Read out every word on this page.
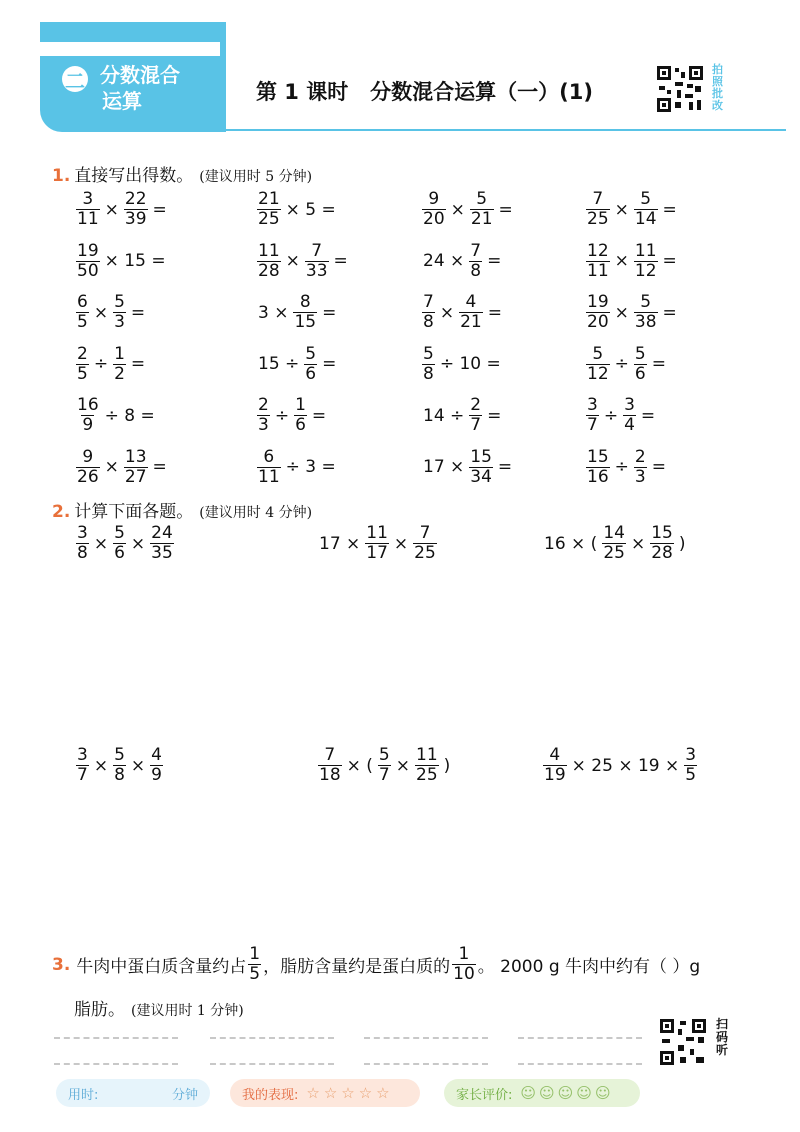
二 分数混合
运算	第 1 课时   分数混合运算（一）(1)
拍照批改
1. 直接写出得数。 (建议用时 5 分钟)
$\frac{3}{11} \times \frac{22}{39}$ =	$\frac{21}{25} \times 5$ =	$\frac{9}{20} \times \frac{5}{21}$ =	$\frac{7}{25} \times \frac{5}{14}$ =
$\frac{19}{50} \times 15$ =	$\frac{11}{28} \times \frac{7}{33}$ =	$24 \times \frac{7}{8}$ =	$\frac{12}{11} \times \frac{11}{12}$ =
$\frac{6}{5} \times \frac{5}{3}$ =	$3 \times \frac{8}{15}$ =	$\frac{7}{8} \times \frac{4}{21}$ =	$\frac{19}{20} \times \frac{5}{38}$ =
$\frac{2}{5} \div \frac{1}{2}$ =	$15 \div \frac{5}{6}$ =	$\frac{5}{8} \div 10$ =	$\frac{5}{12} \div \frac{5}{6}$ =
$\frac{16}{9} \div 8$ =	$\frac{2}{3} \div \frac{1}{6}$ =	$14 \div \frac{2}{7}$ =	$\frac{3}{7} \div \frac{3}{4}$ =
$\frac{9}{26} \times \frac{13}{27}$ =	$\frac{6}{11} \div 3$ =	$17 \times \frac{15}{34}$ =	$\frac{15}{16} \div \frac{2}{3}$ =
2. 计算下面各题。 (建议用时 4 分钟)
$\frac{3}{8} \times \frac{5}{6} \times \frac{24}{35}$	$17 \times \frac{11}{17} \times \frac{7}{25}$	16 × ( $\frac{14}{25} \times \frac{15}{28}$ )
$\frac{3}{7} \times \frac{5}{8} \times \frac{4}{9}$	$\frac{7}{18}$ × ( $\frac{5}{7} \times \frac{11}{25}$ )	$\frac{4}{19} \times 25 \times 19 \times \frac{3}{5}$
3. 牛肉中蛋白质含量约占 $\frac{1}{5}$ ，脂肪含量约是蛋白质的 $\frac{1}{10}$ 。 2000 g 牛肉中约有（ ）g
脂肪。 (建议用时 1 分钟)
扫码听
用时:	分钟	我的表现: ☆☆☆☆☆	家长评价: ☺☺☺☺☺
